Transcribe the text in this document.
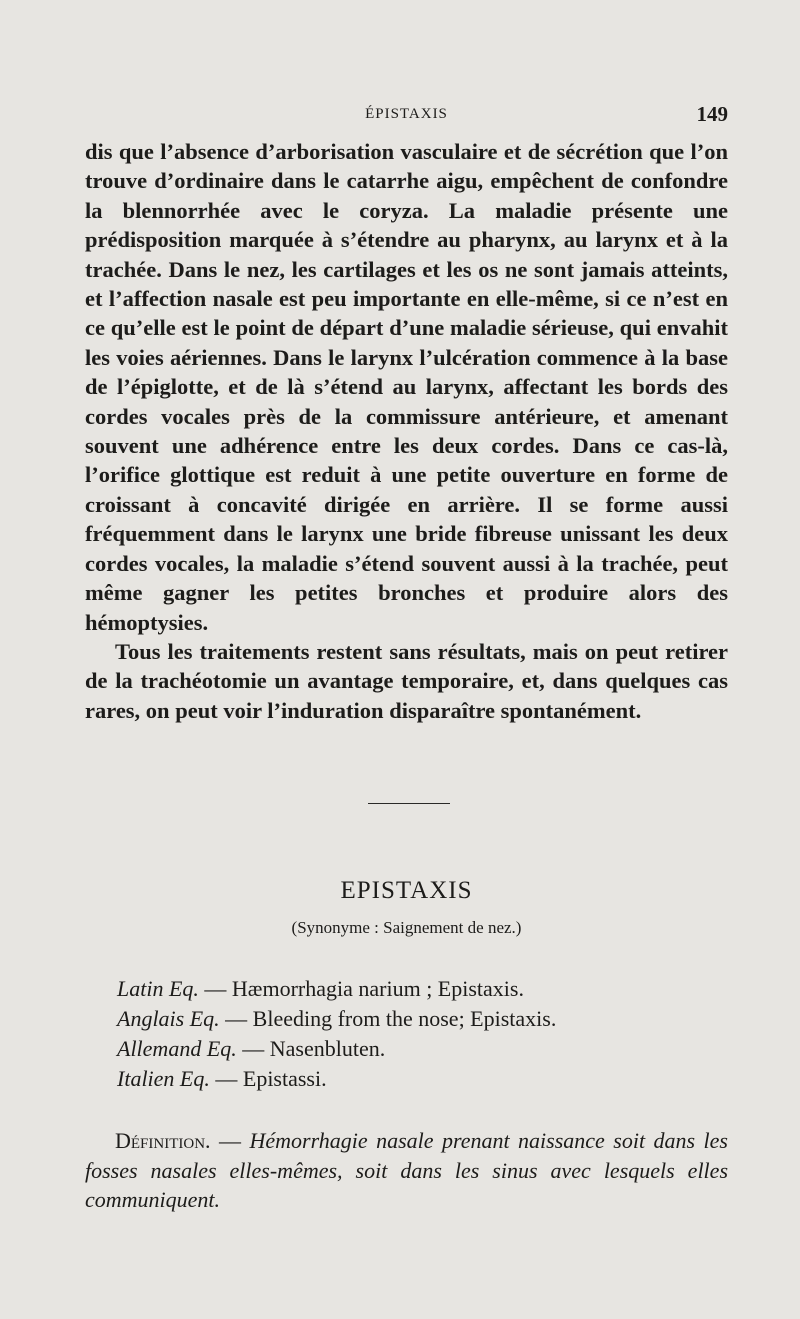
ÉPISTAXIS	149

dis que l’absence d’arborisation vasculaire et de sécrétion que l’on trouve d’ordinaire dans le catarrhe aigu, empêchent de confondre la blennorrhée avec le coryza. La maladie présente une prédisposition marquée à s’étendre au pharynx, au larynx et à la trachée. Dans le nez, les cartilages et les os ne sont jamais atteints, et l’affection nasale est peu importante en elle-même, si ce n’est en ce qu’elle est le point de départ d’une maladie sérieuse, qui envahit les voies aériennes. Dans le larynx l’ulcération commence à la base de l’épiglotte, et de là s’étend au larynx, affectant les bords des cordes vocales près de la commissure antérieure, et amenant souvent une adhérence entre les deux cordes. Dans ce cas-là, l’orifice glottique est reduit à une petite ouverture en forme de croissant à concavité dirigée en arrière. Il se forme aussi fréquemment dans le larynx une bride fibreuse unissant les deux cordes vocales, la maladie s’étend souvent aussi à la trachée, peut même gagner les petites bronches et produire alors des hémoptysies.

Tous les traitements restent sans résultats, mais on peut retirer de la trachéotomie un avantage temporaire, et, dans quelques cas rares, on peut voir l’induration disparaître spontanément.

EPISTAXIS
(Synonyme : Saignement de nez.)
Latin Eq. — Hæmorrhagia narium ; Epistaxis.
Anglais Eq. — Bleeding from the nose; Epistaxis.
Allemand Eq. — Nasenbluten.
Italien Eq. — Epistassi.

Définition. — Hémorrhagie nasale prenant naissance soit dans les fosses nasales elles-mêmes, soit dans les sinus avec lesquels elles communiquent.
